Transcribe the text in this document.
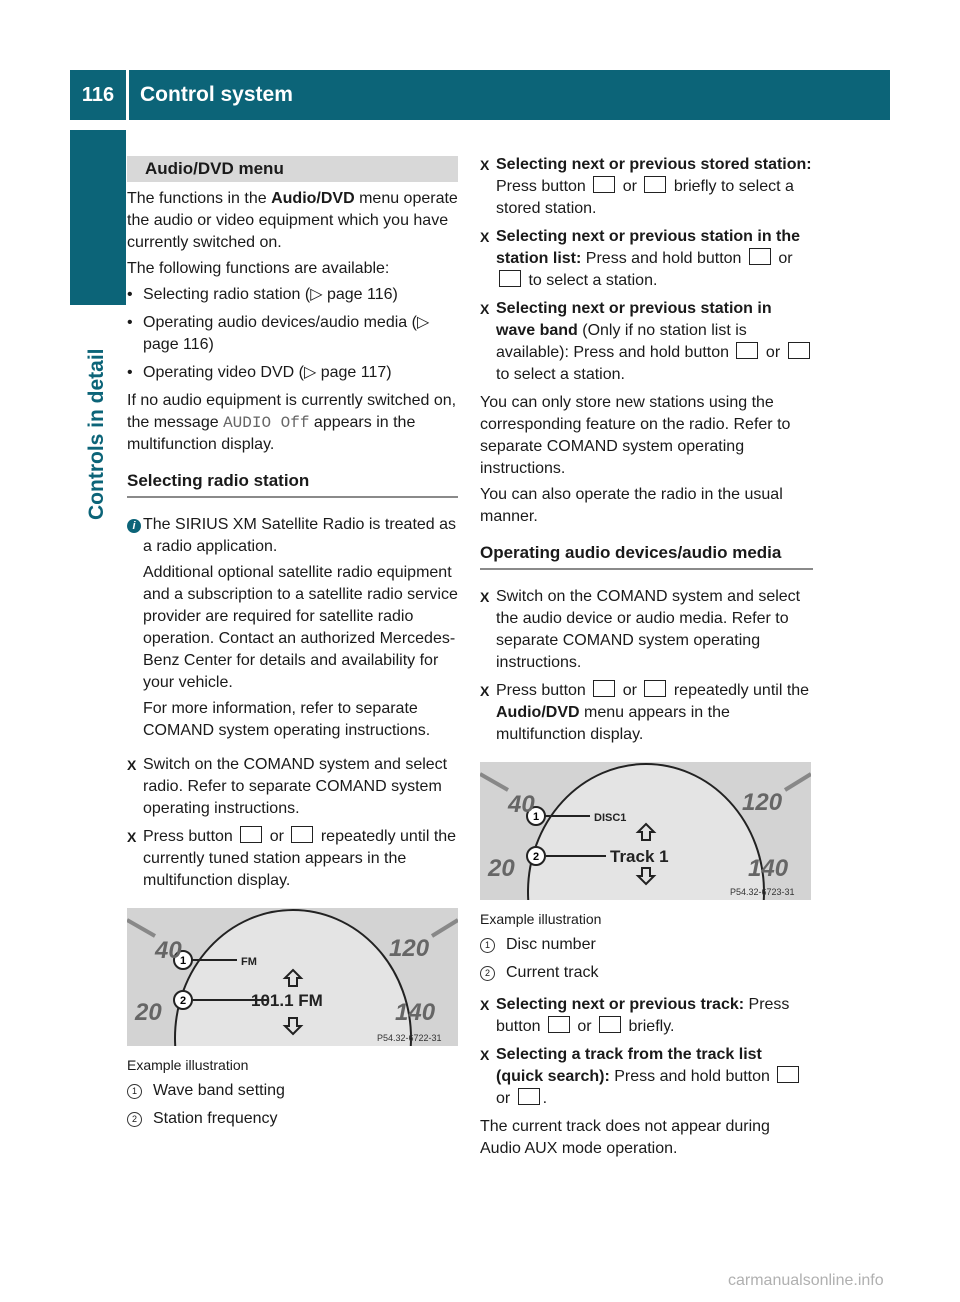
116	Control system
Controls in detail
Audio/DVD menu

The functions in the Audio/DVD menu operate the audio or video equipment which you have currently switched on.

The following functions are available:

• Selecting radio station (▷ page 116)
• Operating audio devices/audio media (▷ page 116)
• Operating video DVD (▷ page 117)

If no audio equipment is currently switched on, the message AUDIO Off appears in the multifunction display.

Selecting radio station
i The SIRIUS XM Satellite Radio is treated as a radio application.

Additional optional satellite radio equipment and a subscription to a satellite radio service provider are required for satellite radio operation. Contact an authorized Mercedes-Benz Center for details and availability for your vehicle.

For more information, refer to separate COMAND system operating instructions.

X Switch on the COMAND system and select radio. Refer to separate COMAND system operating instructions.
X Press button  or  repeatedly until the currently tuned station appears in the multifunction display.
1
2
FM
101.1 FM
40
20
120
140
P54.32-6722-31
Example illustration
1	Wave band setting
2	Station frequency
X Selecting next or previous stored station: Press button  or  briefly to select a stored station.
X Selecting next or previous station in the station list: Press and hold button  or  to select a station.
X Selecting next or previous station in wave band (Only if no station list is available): Press and hold button  or  to select a station.

You can only store new stations using the corresponding feature on the radio. Refer to separate COMAND system operating instructions.

You can also operate the radio in the usual manner.

Operating audio devices/audio media
X Switch on the COMAND system and select the audio device or audio media. Refer to separate COMAND system operating instructions.
X Press button  or  repeatedly until the Audio/DVD menu appears in the multifunction display.
1
2
DISC1
Track 1
40
20
120
140
P54.32-6723-31
Example illustration
1	Disc number
2	Current track
X Selecting next or previous track: Press button  or  briefly.
X Selecting a track from the track list (quick search): Press and hold button  or .

The current track does not appear during Audio AUX mode operation.

carmanualsonline.info
